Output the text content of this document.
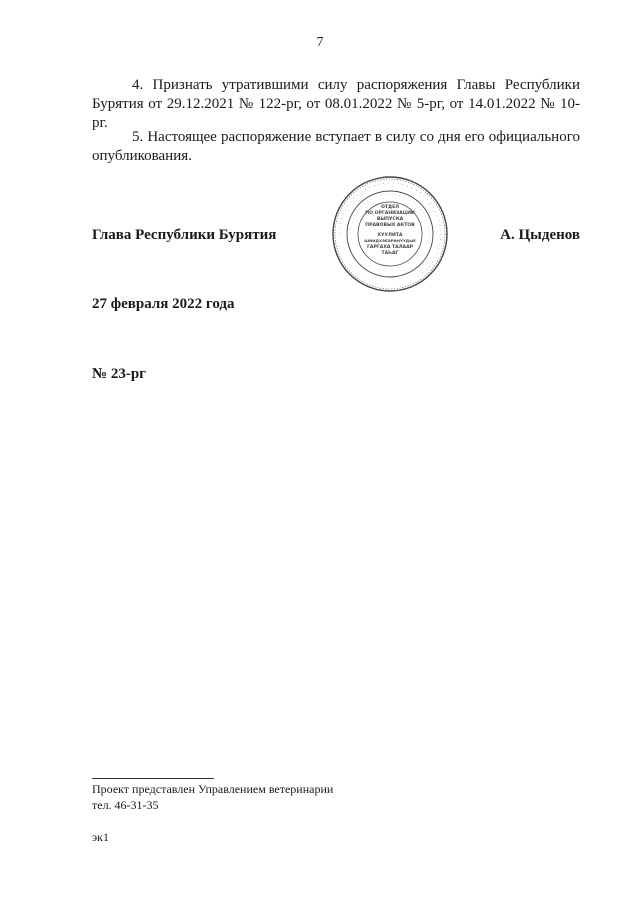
7

4. Признать утратившими силу распоряжения Главы Республики Бурятия от 29.12.2021 № 122-рг, от 08.01.2022 № 5-рг, от 14.01.2022 № 10-рг.

5. Настоящее распоряжение вступает в силу со дня его официального опубликования.

Глава Республики Бурятия	А. Цыденов
· · · · · · · · · · · · · · · · · · · · · · · · · · · · · · · · · · · · · · · · · · · ·
· · · · · · · · · · · · · · · · · · · · · · · · · · · · · · · · · · · ·
ОТДЕЛ
ПО ОРГАНИЗАЦИИ
ВЫПУСКА
ПРАВОВЫХ АКТОВ
ХУУЛИТА
ШИИДХЭБЭРИНҮҮДЫЕ
ГАРГАХА ТАЛААР
ТАҺАГ
27 февраля 2022 года
№ 23-рг
Проект представлен Управлением ветеринарии
тел. 46-31-35
эк1
